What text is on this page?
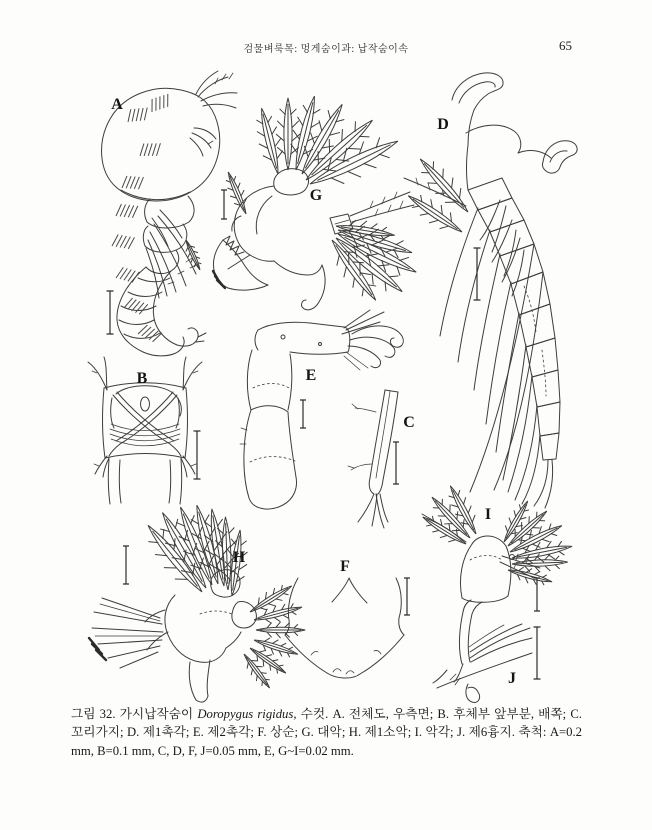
검물벼룩목: 멍게숨이과: 납작숨이속	65
A
B
C
D
E
F
G
H
I
J

그림 32. 가시납작숨이 Doropygus rigidus, 수컷. A. 전체도, 우측면; B. 후체부 앞부분, 배쪽; C. 꼬리가지; D. 제1촉각; E. 제2촉각; F. 상순; G. 대악; H. 제1소악; I. 악각; J. 제6흉지. 축척: A=0.2 mm, B=0.1 mm, C, D, F, J=0.05 mm, E, G~I=0.02 mm.
